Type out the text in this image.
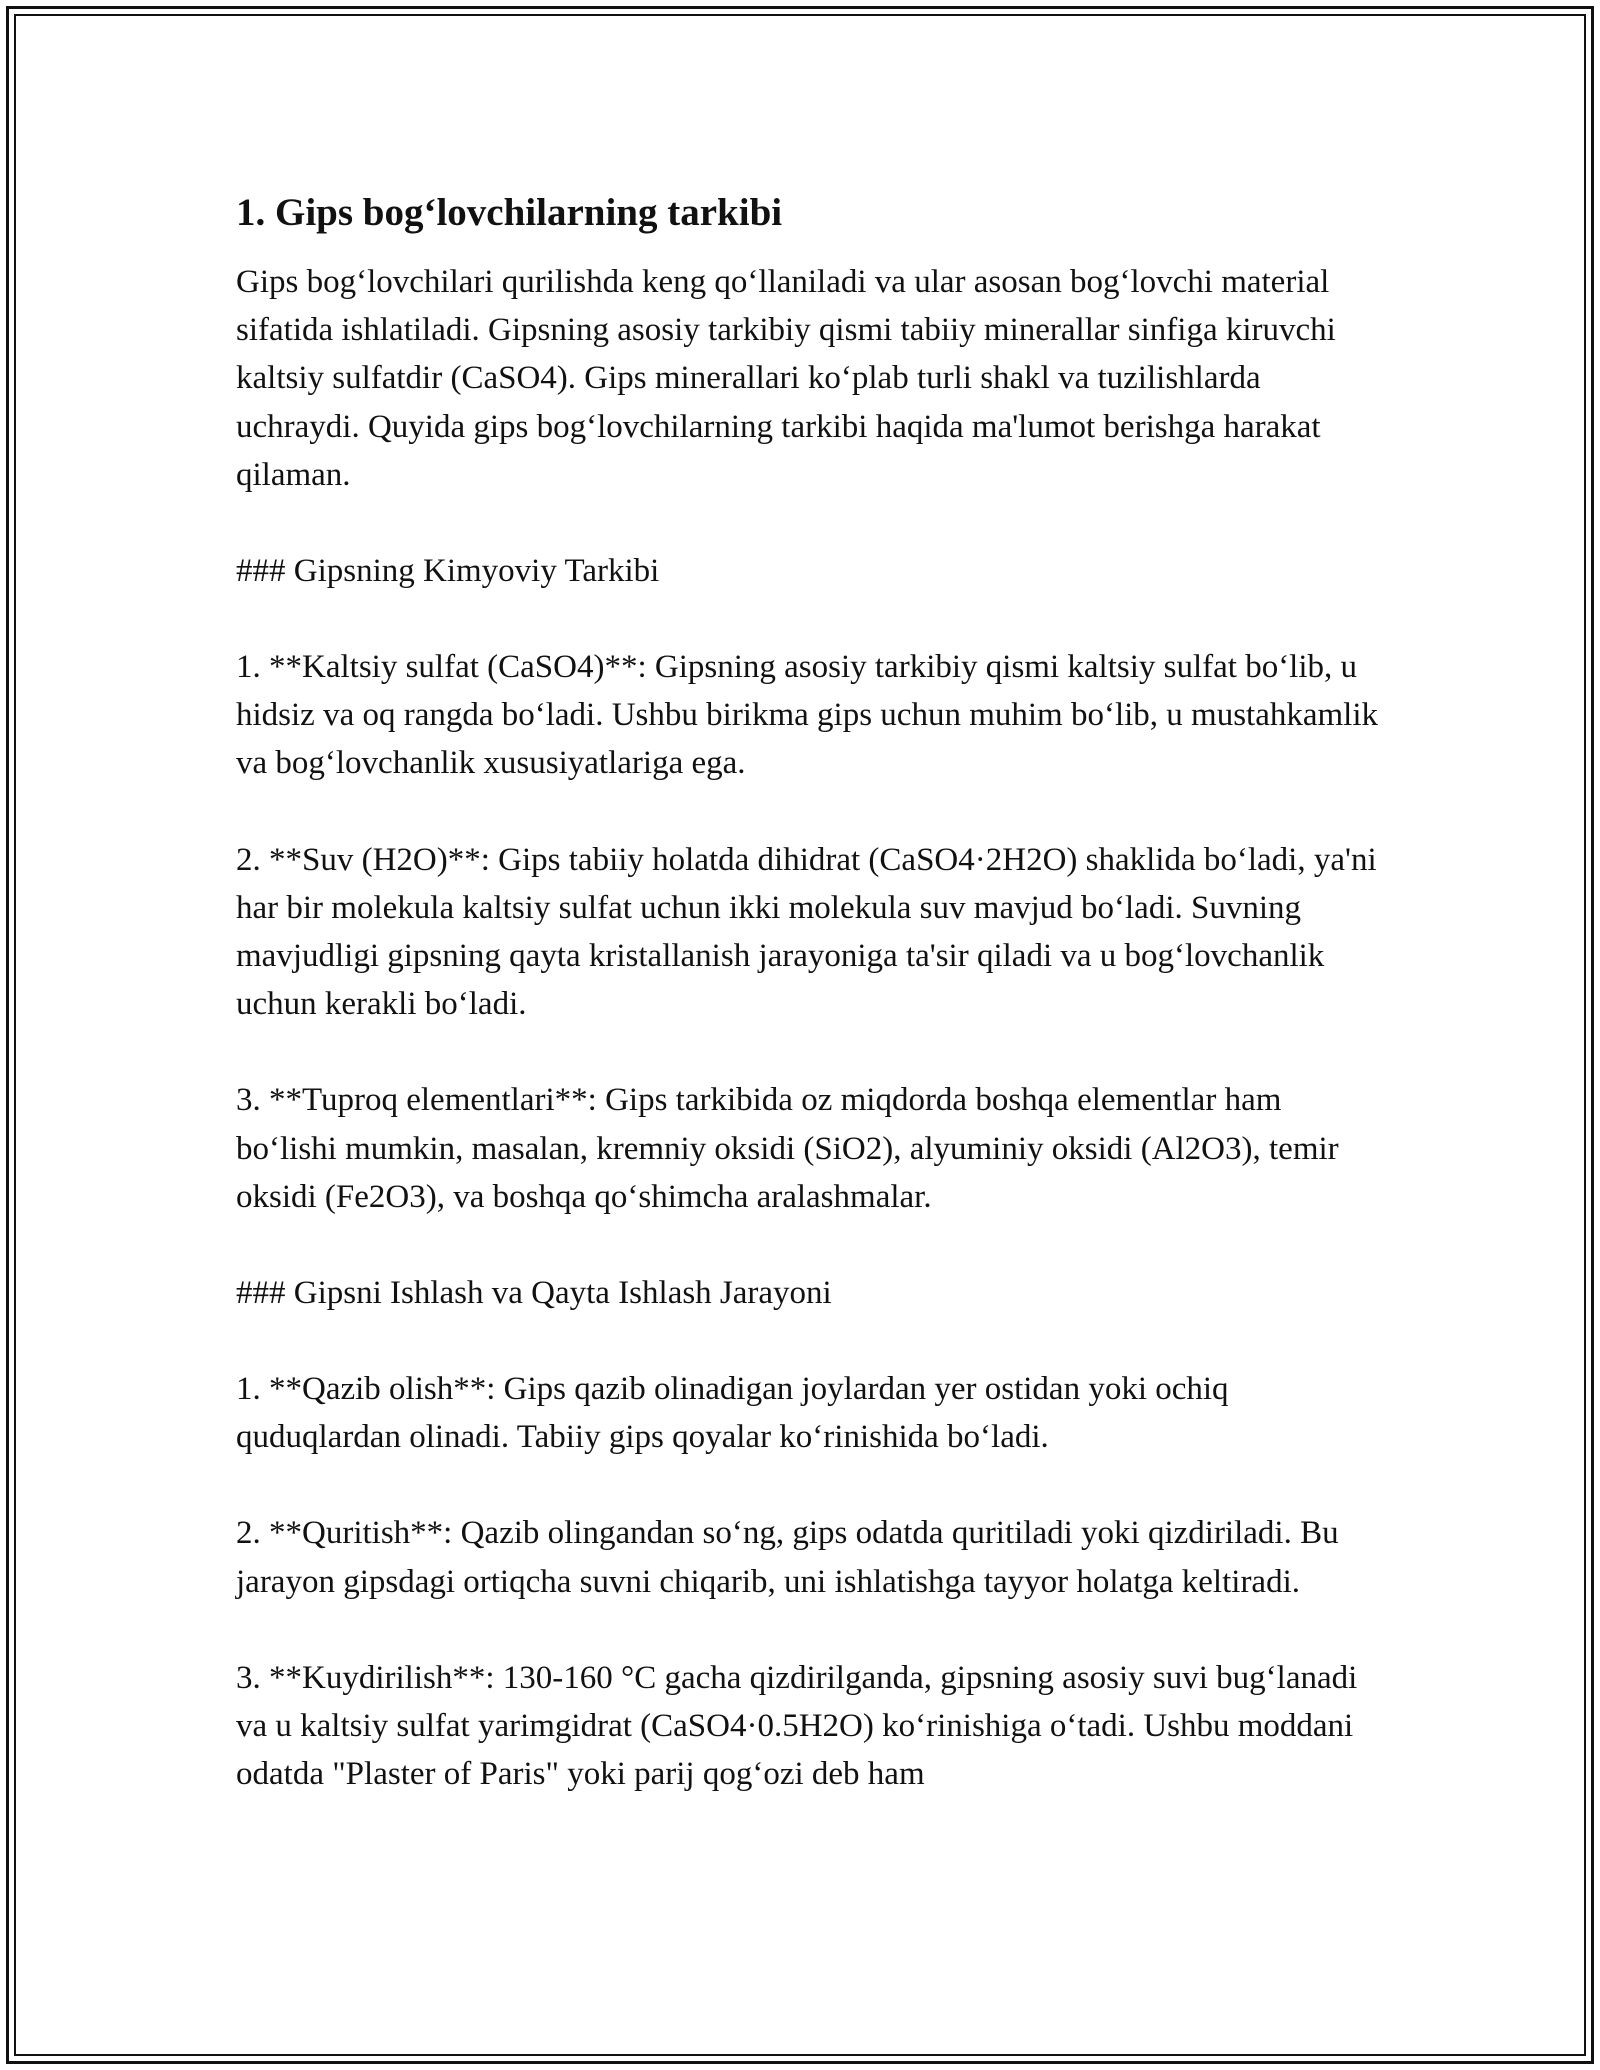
1. Gips bog‘lovchilarning tarkibi

Gips bog‘lovchilari qurilishda keng qo‘llaniladi va ular asosan bog‘lovchi material sifatida ishlatiladi. Gipsning asosiy tarkibiy qismi tabiiy minerallar sinfiga kiruvchi kaltsiy sulfatdir (CaSO4). Gips minerallari ko‘plab turli shakl va tuzilishlarda uchraydi. Quyida gips bog‘lovchilarning tarkibi haqida ma'lumot berishga harakat qilaman.

### Gipsning Kimyoviy Tarkibi

1. **Kaltsiy sulfat (CaSO4)**: Gipsning asosiy tarkibiy qismi kaltsiy sulfat bo‘lib, u hidsiz va oq rangda bo‘ladi. Ushbu birikma gips uchun muhim bo‘lib, u mustahkamlik va bog‘lovchanlik xususiyatlariga ega.

2. **Suv (H2O)**: Gips tabiiy holatda dihidrat (CaSO4·2H2O) shaklida bo‘ladi, ya'ni har bir molekula kaltsiy sulfat uchun ikki molekula suv mavjud bo‘ladi. Suvning mavjudligi gipsning qayta kristallanish jarayoniga ta'sir qiladi va u bog‘lovchanlik uchun kerakli bo‘ladi.

3. **Tuproq elementlari**: Gips tarkibida oz miqdorda boshqa elementlar ham bo‘lishi mumkin, masalan, kremniy oksidi (SiO2), alyuminiy oksidi (Al2O3), temir oksidi (Fe2O3), va boshqa qo‘shimcha aralashmalar.

### Gipsni Ishlash va Qayta Ishlash Jarayoni

1. **Qazib olish**: Gips qazib olinadigan joylardan yer ostidan yoki ochiq quduqlardan olinadi. Tabiiy gips qoyalar ko‘rinishida bo‘ladi.

2. **Quritish**: Qazib olingandan so‘ng, gips odatda quritiladi yoki qizdiriladi. Bu jarayon gipsdagi ortiqcha suvni chiqarib, uni ishlatishga tayyor holatga keltiradi.

3. **Kuydirilish**: 130-160 °C gacha qizdirilganda, gipsning asosiy suvi bug‘lanadi va u kaltsiy sulfat yarimgidrat (CaSO4·0.5H2O) ko‘rinishiga o‘tadi. Ushbu moddani odatda "Plaster of Paris" yoki parij qog‘ozi deb ham
